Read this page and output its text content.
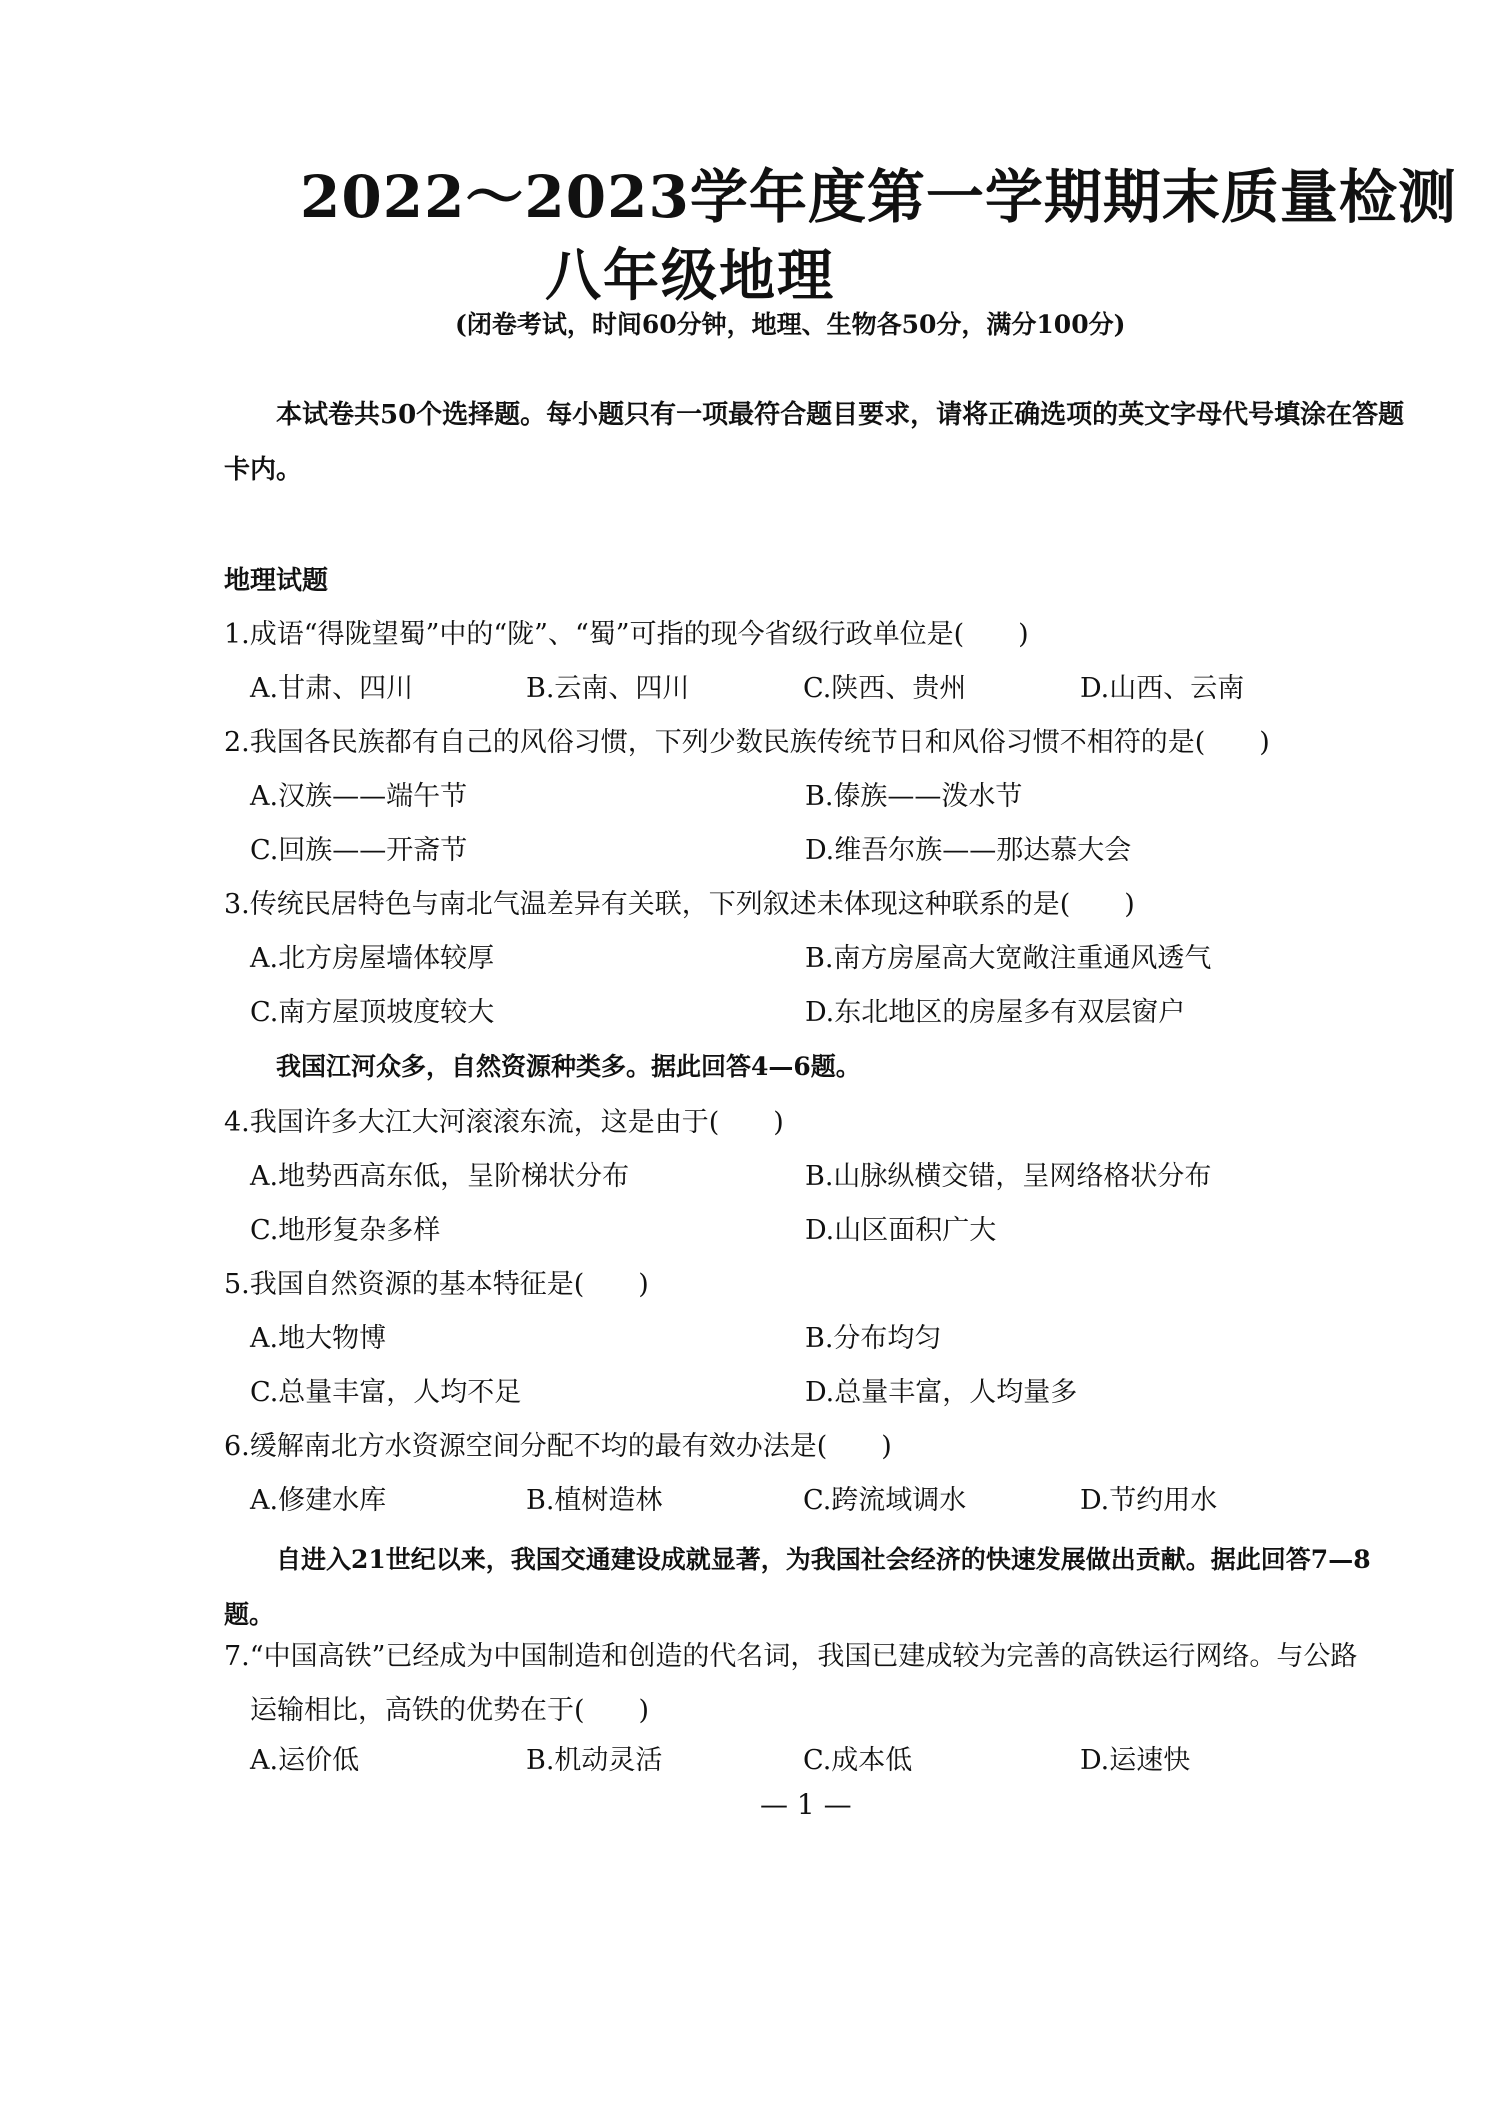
2022～2023学年度第一学期期末质量检测
八年级地理
(闭卷考试，时间60分钟，地理、生物各50分，满分100分)
本试卷共50个选择题。每小题只有一项最符合题目要求，请将正确选项的英文字母代号填涂在答题卡内。
地理试题
1.成语“得陇望蜀”中的“陇”、“蜀”可指的现今省级行政单位是(　　)
A.甘肃、四川	B.云南、四川	C.陕西、贵州	D.山西、云南
2.我国各民族都有自己的风俗习惯，下列少数民族传统节日和风俗习惯不相符的是(　　)
A.汉族——端午节	B.傣族——泼水节
C.回族——开斋节	D.维吾尔族——那达慕大会
3.传统民居特色与南北气温差异有关联，下列叙述未体现这种联系的是(　　)
A.北方房屋墙体较厚	B.南方房屋高大宽敞注重通风透气
C.南方屋顶坡度较大	D.东北地区的房屋多有双层窗户
我国江河众多，自然资源种类多。据此回答4—6题。
4.我国许多大江大河滚滚东流，这是由于(　　)
A.地势西高东低，呈阶梯状分布	B.山脉纵横交错，呈网络格状分布
C.地形复杂多样	D.山区面积广大
5.我国自然资源的基本特征是(　　)
A.地大物博	B.分布均匀
C.总量丰富，人均不足	D.总量丰富，人均量多
6.缓解南北方水资源空间分配不均的最有效办法是(　　)
A.修建水库	B.植树造林	C.跨流域调水	D.节约用水
自进入21世纪以来，我国交通建设成就显著，为我国社会经济的快速发展做出贡献。据此回答7—8题。
7.“中国高铁”已经成为中国制造和创造的代名词，我国已建成较为完善的高铁运行网络。与公路
运输相比，高铁的优势在于(　　)
A.运价低	B.机动灵活	C.成本低	D.运速快
— 1 —
